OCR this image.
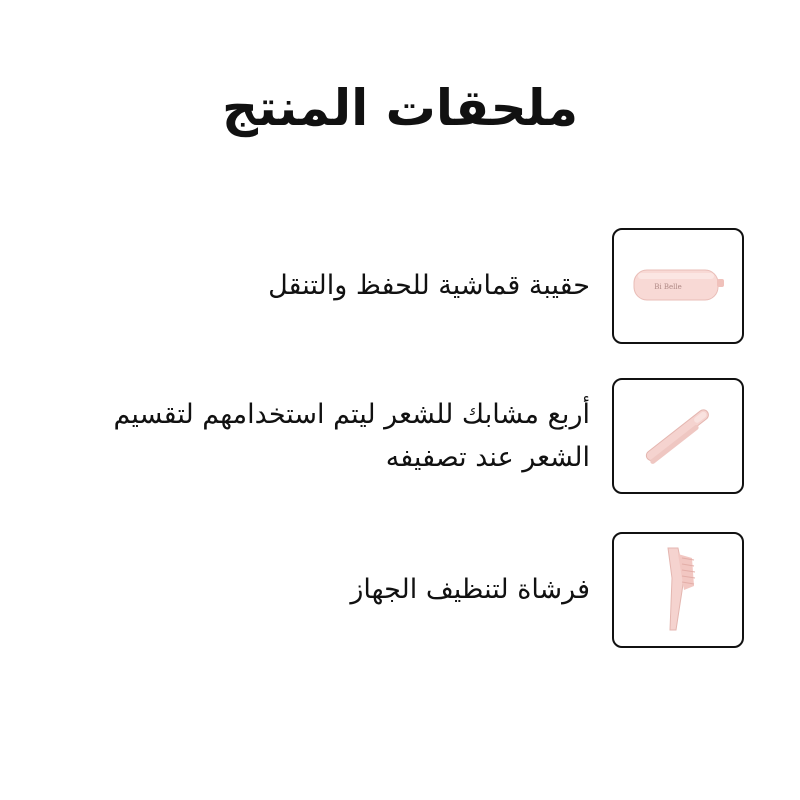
ملحقات المنتج
Bi Belle
حقيبة قماشية للحفظ والتنقل
أربع مشابك للشعر ليتم استخدامهم لتقسيم الشعر عند تصفيفه
فرشاة لتنظيف الجهاز
